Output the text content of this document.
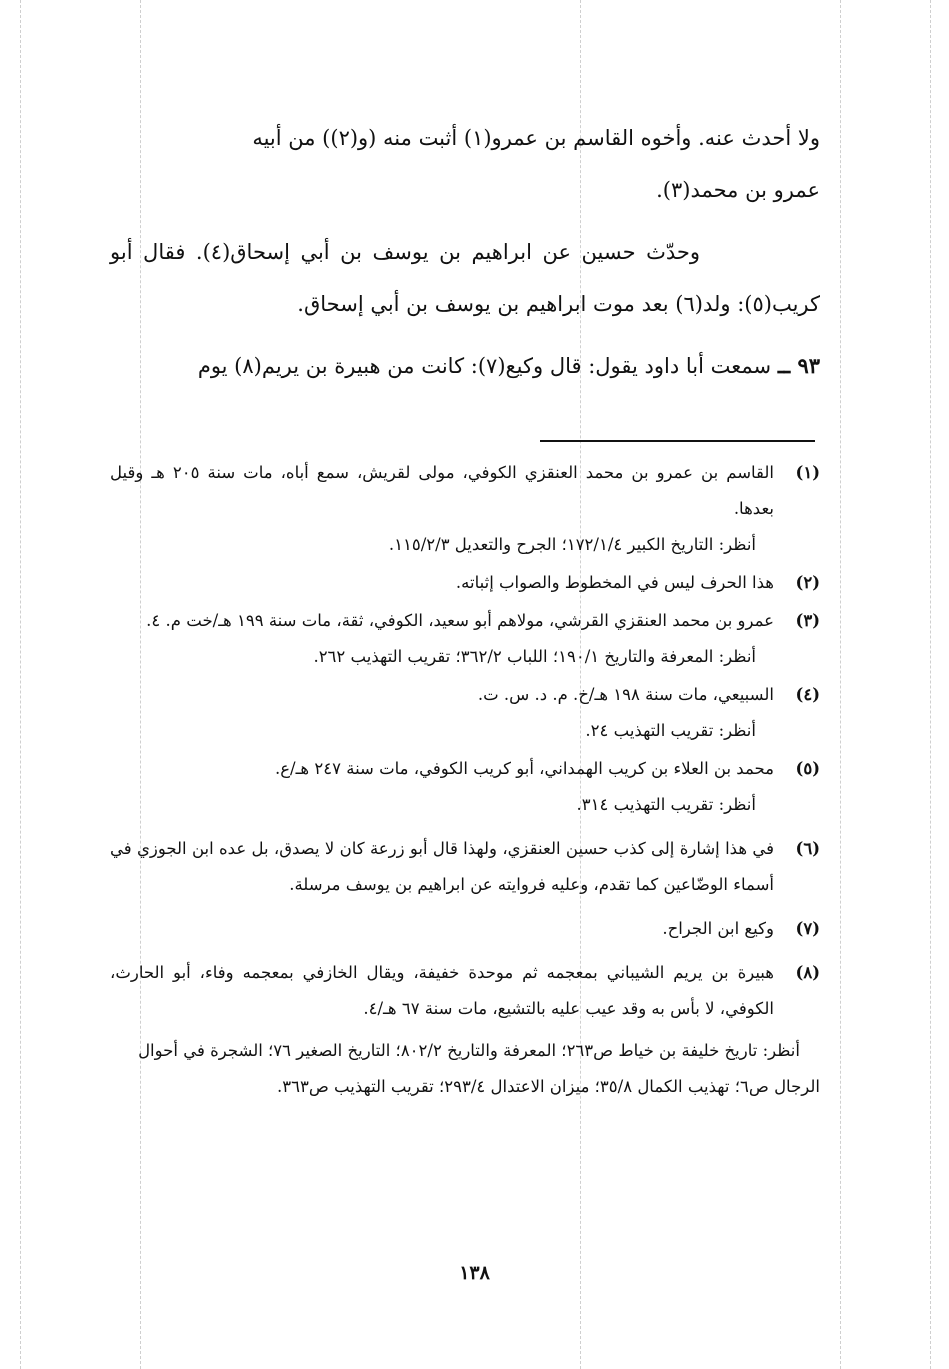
ولا أحدث عنه. وأخوه القاسم بن عمرو(١) أثبت منه (و(٢)) من أبيه

عمرو بن محمد(٣).

وحدّث حسين عن ابراهيم بن يوسف بن أبي إسحاق(٤). فقال أبو كريب(٥): ولد(٦) بعد موت ابراهيم بن يوسف بن أبي إسحاق.

٩٣ ــ سمعت أبا داود يقول: قال وكيع(٧): كانت من هبيرة بن يريم(٨) يوم

(١)
القاسم بن عمرو بن محمد العنقزي الكوفي، مولى لقريش، سمع أباه، مات سنة ٢٠٥ هـ وقيل بعدها.
أنظر: التاريخ الكبير ١٧٢/١/٤؛ الجرح والتعديل ١١٥/٢/٣.
(٢)
هذا الحرف ليس في المخطوط والصواب إثباته.
(٣)
عمرو بن محمد العنقزي القرشي، مولاهم أبو سعيد، الكوفي، ثقة، مات سنة ١٩٩ هـ/خت م. ٤.
أنظر: المعرفة والتاريخ ١٩٠/١؛ اللباب ٣٦٢/٢؛ تقريب التهذيب ٢٦٢.
(٤)
السبيعي، مات سنة ١٩٨ هـ/خ. م. د. س. ت.
أنظر: تقريب التهذيب ٢٤.
(٥)
محمد بن العلاء بن كريب الهمداني، أبو كريب الكوفي، مات سنة ٢٤٧ هـ/ع.
أنظر: تقريب التهذيب ٣١٤.
(٦)
في هذا إشارة إلى كذب حسين العنقزي، ولهذا قال أبو زرعة كان لا يصدق، بل عده ابن الجوزي في أسماء الوضّاعين كما تقدم، وعليه فروايته عن ابراهيم بن يوسف مرسلة.
(٧)
وكيع ابن الجراح.
(٨)
هبيرة بن يريم الشيباني بمعجمه ثم موحدة خفيفة، ويقال الخازفي بمعجمه وفاء، أبو الحارث، الكوفي، لا بأس به وقد عيب عليه بالتشيع، مات سنة ٦٧ هـ/٤.

أنظر: تاريخ خليفة بن خياط ص٢٦٣؛ المعرفة والتاريخ ٨٠٢/٢؛ التاريخ الصغير ٧٦؛ الشجرة في أحوال الرجال ص٦؛ تهذيب الكمال ٣٥/٨؛ ميزان الاعتدال ٢٩٣/٤؛ تقريب التهذيب ص٣٦٣.

١٣٨
